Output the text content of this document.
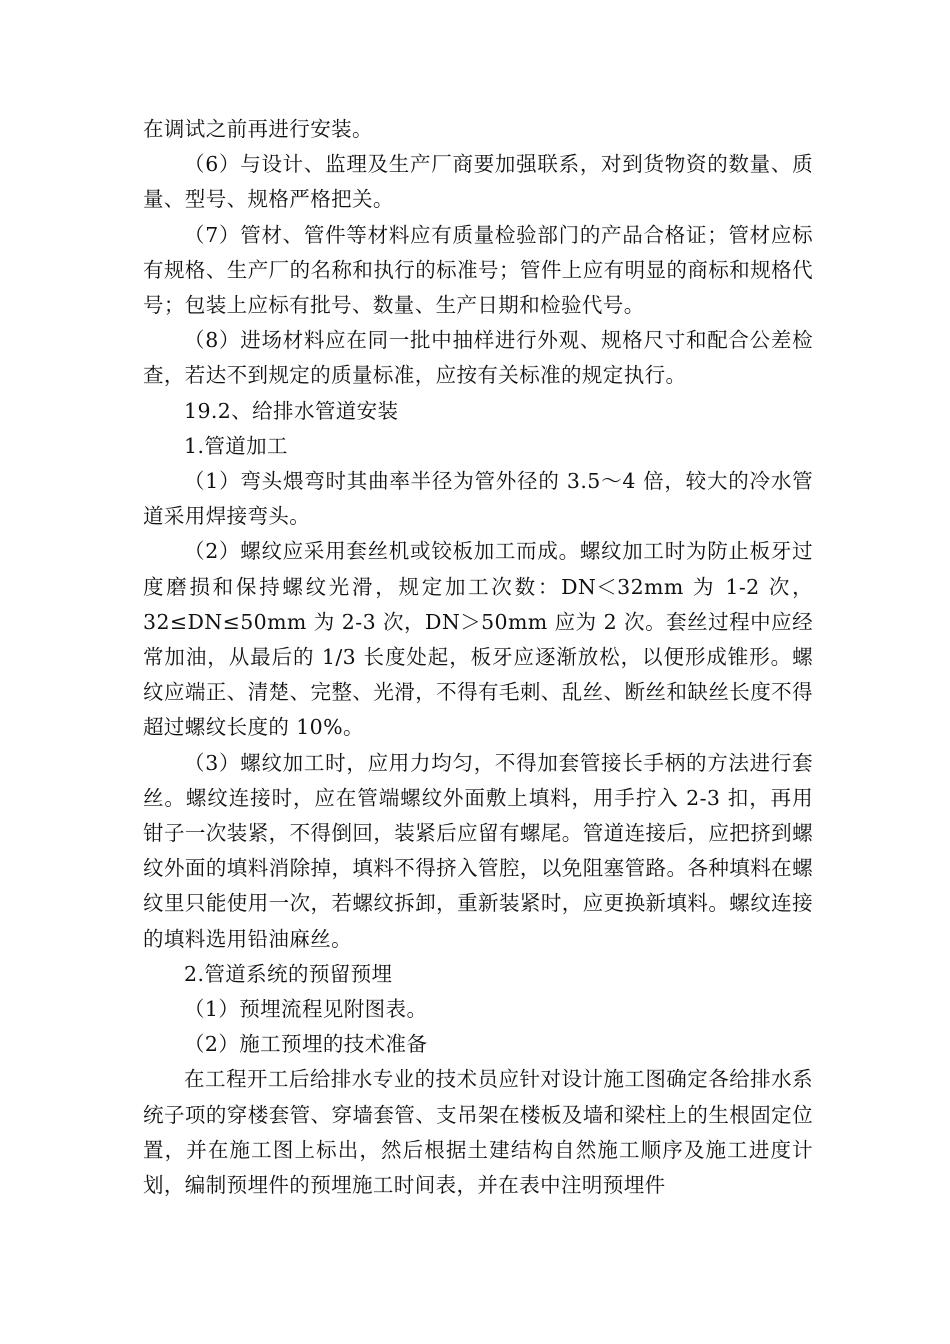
在调试之前再进行安装。

（6）与设计、监理及生产厂商要加强联系，对到货物资的数量、质量、型号、规格严格把关。

（7）管材、管件等材料应有质量检验部门的产品合格证；管材应标有规格、生产厂的名称和执行的标准号；管件上应有明显的商标和规格代号；包装上应标有批号、数量、生产日期和检验代号。

（8）进场材料应在同一批中抽样进行外观、规格尺寸和配合公差检查，若达不到规定的质量标准，应按有关标准的规定执行。

19.2、给排水管道安装

1.管道加工

（1）弯头煨弯时其曲率半径为管外径的 3.5～4 倍，较大的冷水管道采用焊接弯头。

（2）螺纹应采用套丝机或铰板加工而成。螺纹加工时为防止板牙过度磨损和保持螺纹光滑，规定加工次数：DN＜32mm 为 1-2 次，32≤DN≤50mm 为 2-3 次，DN＞50mm 应为 2 次。套丝过程中应经常加油，从最后的 1/3 长度处起，板牙应逐渐放松，以便形成锥形。螺纹应端正、清楚、完整、光滑，不得有毛刺、乱丝、断丝和缺丝长度不得超过螺纹长度的 10%。

（3）螺纹加工时，应用力均匀，不得加套管接长手柄的方法进行套丝。螺纹连接时，应在管端螺纹外面敷上填料，用手拧入 2-3 扣，再用钳子一次装紧，不得倒回，装紧后应留有螺尾。管道连接后，应把挤到螺纹外面的填料消除掉，填料不得挤入管腔，以免阻塞管路。各种填料在螺纹里只能使用一次，若螺纹拆卸，重新装紧时，应更换新填料。螺纹连接的填料选用铅油麻丝。

2.管道系统的预留预埋

（1）预埋流程见附图表。

（2）施工预埋的技术准备

在工程开工后给排水专业的技术员应针对设计施工图确定各给排水系统子项的穿楼套管、穿墙套管、支吊架在楼板及墙和梁柱上的生根固定位置，并在施工图上标出，然后根据土建结构自然施工顺序及施工进度计划，编制预埋件的预埋施工时间表，并在表中注明预埋件
